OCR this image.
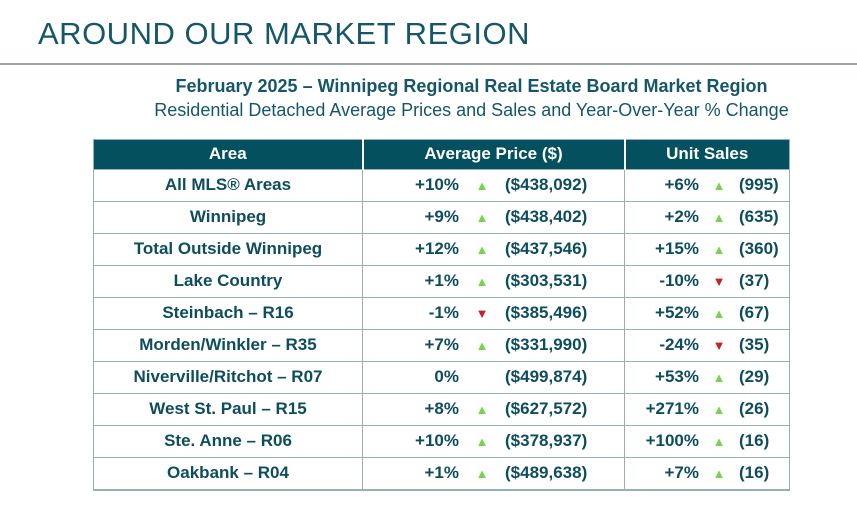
AROUND OUR MARKET REGION
February 2025 – Winnipeg Regional Real Estate Board Market Region
Residential Detached Average Prices and Sales and Year-Over-Year % Change
Area	Average Price ($)	Unit Sales
All MLS® Areas	+10% ▲ ($438,092)	+6% ▲ (995)

Winnipeg	+9% ▲ ($438,402)	+2% ▲ (635)

Total Outside Winnipeg	+12% ▲ ($437,546)	+15% ▲ (360)

Lake Country	+1% ▲ ($303,531)	-10% ▼ (37)

Steinbach – R16	-1% ▼ ($385,496)	+52% ▲ (67)

Morden/Winkler – R35	+7% ▲ ($331,990)	-24% ▼ (35)

Niverville/Ritchot – R07	0% ($499,874)	+53% ▲ (29)

West St. Paul – R15	+8% ▲ ($627,572)	+271% ▲ (26)

Ste. Anne – R06	+10% ▲ ($378,937)	+100% ▲ (16)

Oakbank – R04	+1% ▲ ($489,638)	+7% ▲ (16)
